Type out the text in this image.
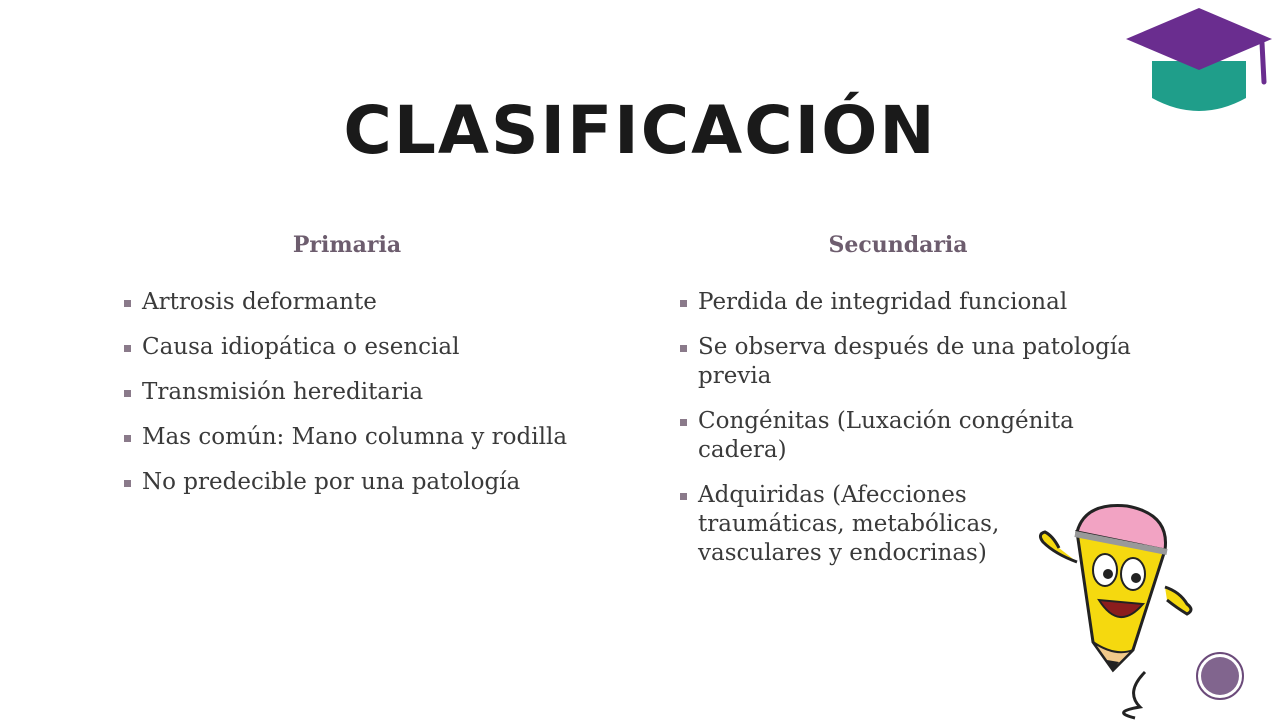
CLASIFICACIÓN
Primaria
Artrosis deformante
Causa idiopática o esencial
Transmisión hereditaria
Mas común: Mano columna y rodilla
No predecible por una patología
Secundaria
Perdida de integridad funcional
Se observa después de una patología previa
Congénitas (Luxación congénita cadera)
Adquiridas (Afecciones traumáticas, metabólicas, vasculares y endocrinas)
